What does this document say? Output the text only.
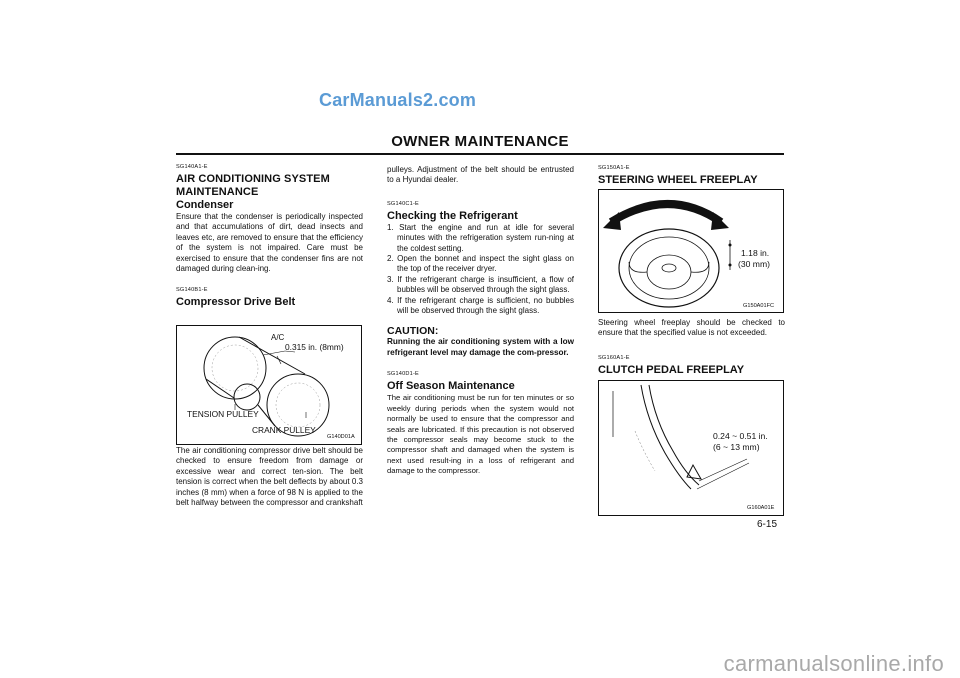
CarManuals2.com
carmanualsonline.info
OWNER MAINTENANCE

SG140A1-E

AIR CONDITIONING SYSTEM

MAINTENANCE

Condenser

Ensure that the condenser is periodically inspected and that accumulations of dirt, dead insects and leaves etc, are removed to ensure that the efficiency of the system is not impaired. Care must be exercised to ensure that the condenser fins are not damaged during clean-ing.

SG140B1-E

Compressor Drive Belt

A/C
0.315 in. (8mm)
TENSION PULLEY
CRANK PULLEY
G140D01A

The air conditioning compressor drive belt should be checked to ensure freedom from damage or excessive wear and correct ten-sion. The belt tension is correct when the belt deflects by about 0.3 inches (8 mm) when a force of 98 N is applied to the belt halfway between the compressor and crankshaft

pulleys. Adjustment of the belt should be entrusted to a Hyundai dealer.

SG140C1-E

Checking the Refrigerant

1. Start the engine and run at idle for several minutes with the refrigeration system run-ning at the coldest setting.
2. Open the bonnet and inspect the sight glass on the top of the receiver dryer.
3. If the refrigerant charge is insufficient, a flow of bubbles will be observed through the sight glass.
4. If the refrigerant charge is sufficient, no bubbles will be observed through the sight glass.

CAUTION:

Running the air conditioning system with a low refrigerant level may damage the com-pressor.

SG140D1-E

Off Season Maintenance

The air conditioning must be run for ten minutes or so weekly during periods when the system would not normally be used to ensure that the compressor and seals are lubricated. If this precaution is not observed the compressor seals may become stuck to the compressor shaft and damaged when the system is next used result-ing in a loss of refrigerant and damage to the compressor.

SG150A1-E

STEERING WHEEL FREEPLAY

1.18 in.
(30 mm)
G150A01FC

Steering wheel freeplay should be checked to ensure that the specified value is not exceeded.

SG160A1-E

CLUTCH PEDAL FREEPLAY

0.24 ~ 0.51 in.
(6 ~ 13 mm)
G160A01E
6-15
